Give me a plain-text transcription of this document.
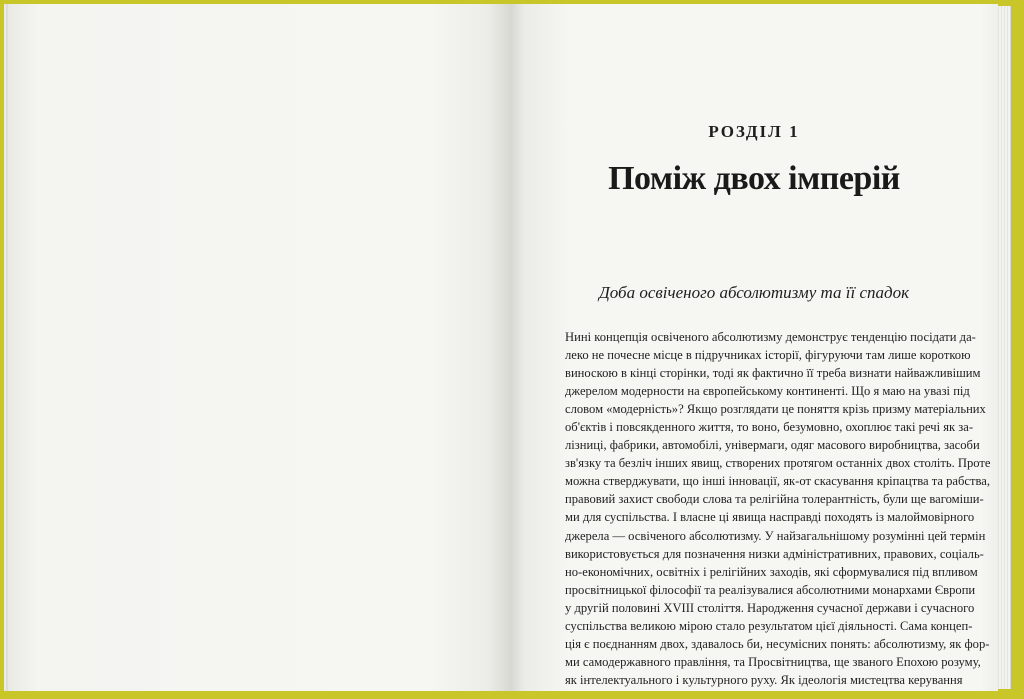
РОЗДІЛ 1
Поміж двох імперій
Доба освіченого абсолютизму та її спадок
Нині концепція освіченого абсолютизму демонструє тенденцію посідати да-
леко не почесне місце в підручниках історії, фігуруючи там лише короткою
виноскою в кінці сторінки, тоді як фактично її треба визнати найважливішим
джерелом модерности на європейському континенті. Що я маю на увазі під
словом «модерність»? Якщо розглядати це поняття крізь призму матеріальних
об'єктів і повсякденного життя, то воно, безумовно, охоплює такі речі як за-
лізниці, фабрики, автомобілі, універмаги, одяг масового виробництва, засоби
зв'язку та безліч інших явищ, створених протягом останніх двох століть. Проте
можна стверджувати, що інші інновації, як-от скасування кріпацтва та рабства,
правовий захист свободи слова та релігійна толерантність, були ще вагоміши-
ми для суспільства. І власне ці явища насправді походять із малоймовірного
джерела — освіченого абсолютизму. У найзагальнішому розумінні цей термін
використовується для позначення низки адміністративних, правових, соціаль-
но-економічних, освітніх і релігійних заходів, які сформувалися під впливом
просвітницької філософії та реалізувалися абсолютними монархами Європи
у другій половині XVIII століття. Народження сучасної держави і сучасного
суспільства великою мірою стало результатом цієї діяльності. Сама концеп-
ція є поєднанням двох, здавалось би, несумісних понять: абсолютизму, як фор-
ми самодержавного правління, та Просвітництва, ще званого Епохою розуму,
як інтелектуального і культурного руху. Як ідеологія мистецтва керування
